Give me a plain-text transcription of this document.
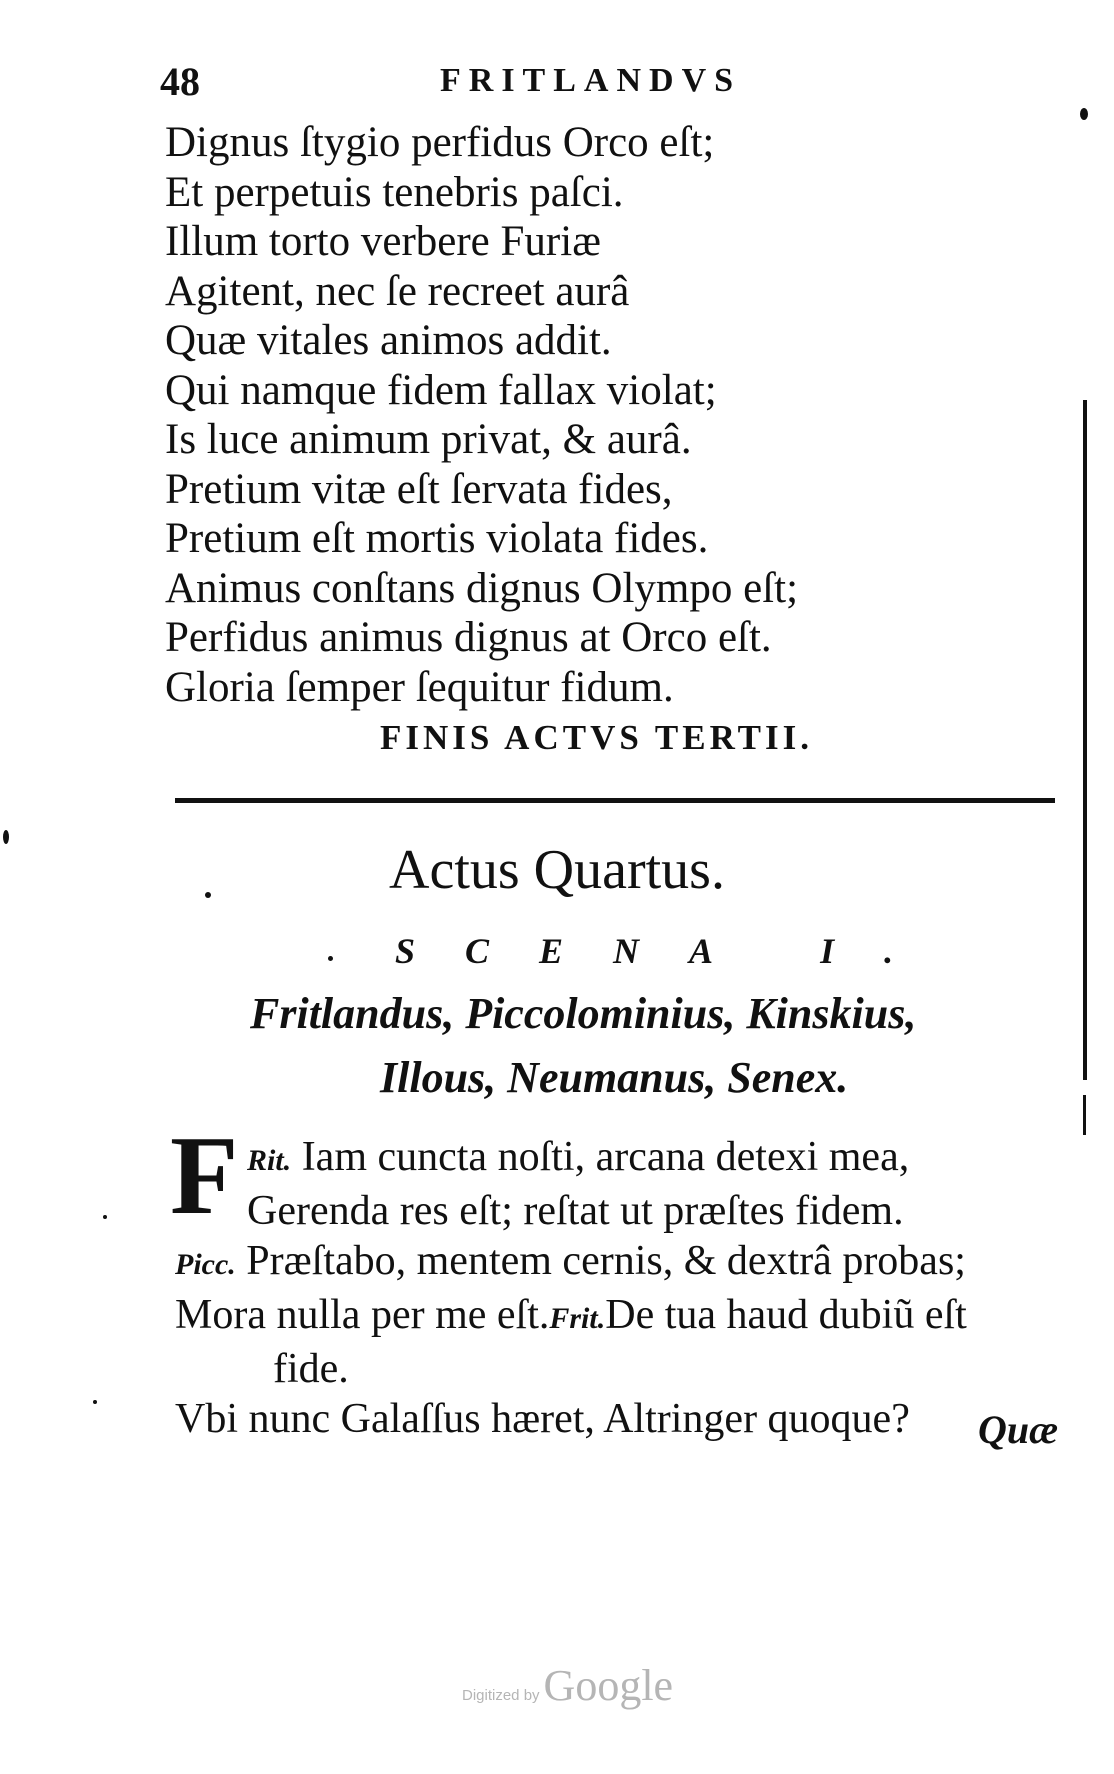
48	FRITLANDVS
Dignus ſtygio perfidus Orco eſt;
Et perpetuis tenebris paſci.
Illum torto verbere Furiæ
Agitent, nec ſe recreet aurâ
Quæ vitales animos addit.
Qui namque fidem fallax violat;
Is luce animum privat, & aurâ.
Pretium vitæ eſt ſervata fides,
Pretium eſt mortis violata fides.
Animus conſtans dignus Olympo eſt;
Perfidus animus dignus at Orco eſt.
Gloria ſemper ſequitur fidum.
FINIS ACTVS TERTII.
Actus Quartus.
SCENA I.
Fritlandus, Piccolominius, Kinskius,
Illous, Neumanus, Senex.
F Rit. Iam cuncta noſti, arcana detexi mea,
Gerenda res eſt; reſtat ut præſtes fidem.
Picc. Præſtabo, mentem cernis, & dextrâ probas;
Mora nulla per me eſt.Frit.De tua haud dubiũ eſt
fide.
Vbi nunc Galaſſus hæret, Altringer quoque?	Quæ
Digitized by Google
